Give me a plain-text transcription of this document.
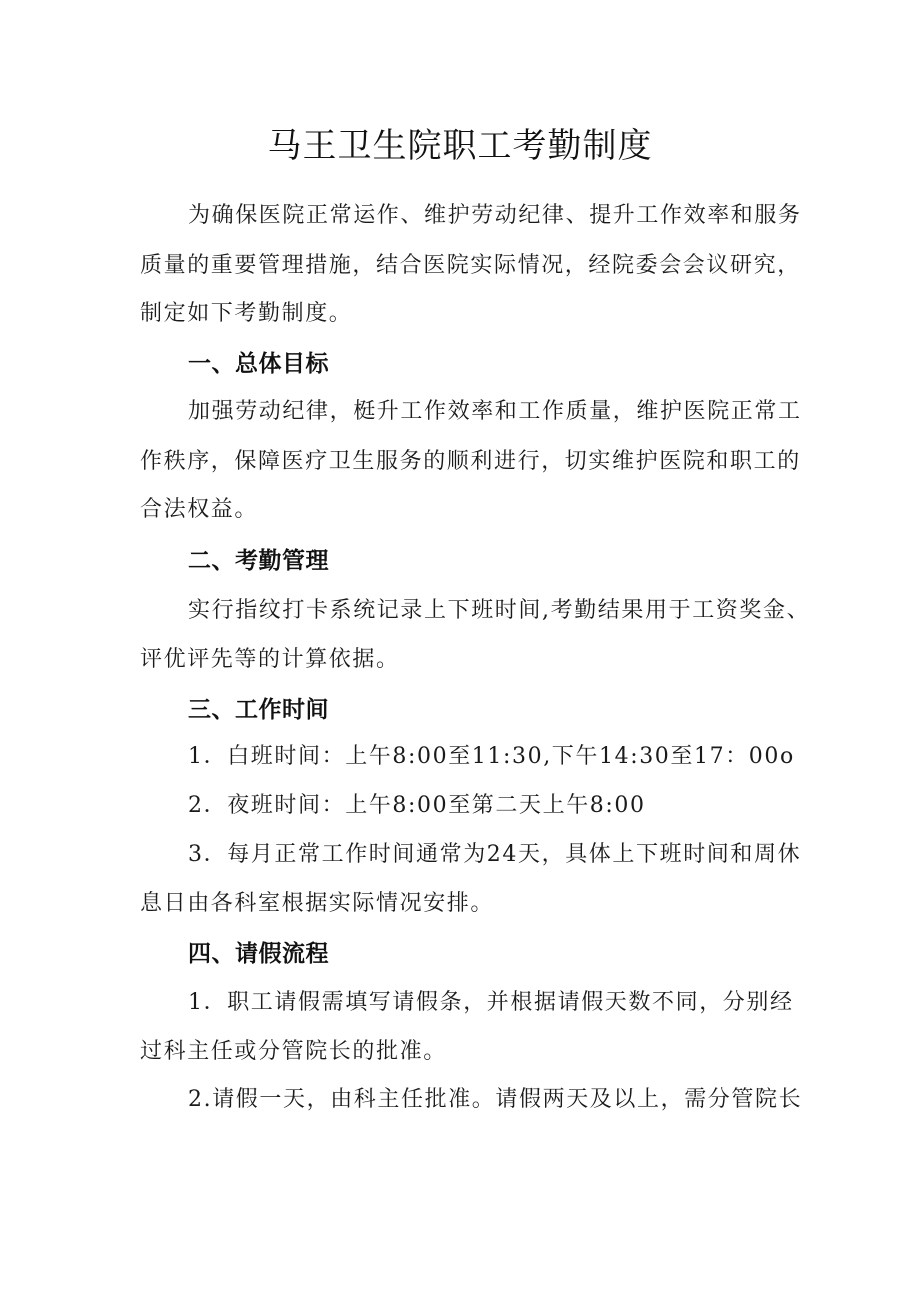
马王卫生院职工考勤制度

为确保医院正常运作、维护劳动纪律、提升工作效率和服务

质量的重要管理措施，结合医院实际情况，经院委会会议研究，

制定如下考勤制度。

一、总体目标

加强劳动纪律，梃升工作效率和工作质量，维护医院正常工

作秩序，保障医疗卫生服务的顺利进行，切实维护医院和职工的

合法权益。

二、考勤管理

实行指纹打卡系统记录上下班时间,考勤结果用于工资奖金、

评优评先等的计算依据。

三、工作时间

1．白班时间：上午8:00至11:30,下午14:30至17：00o

2．夜班时间：上午8:00至第二天上午8:00

3．每月正常工作时间通常为24天，具体上下班时间和周休

息日由各科室根据实际情况安排。

四、请假流程

1．职工请假需填写请假条，并根据请假天数不同，分别经

过科主任或分管院长的批准。

2.请假一天，由科主任批准。请假两天及以上，需分管院长
